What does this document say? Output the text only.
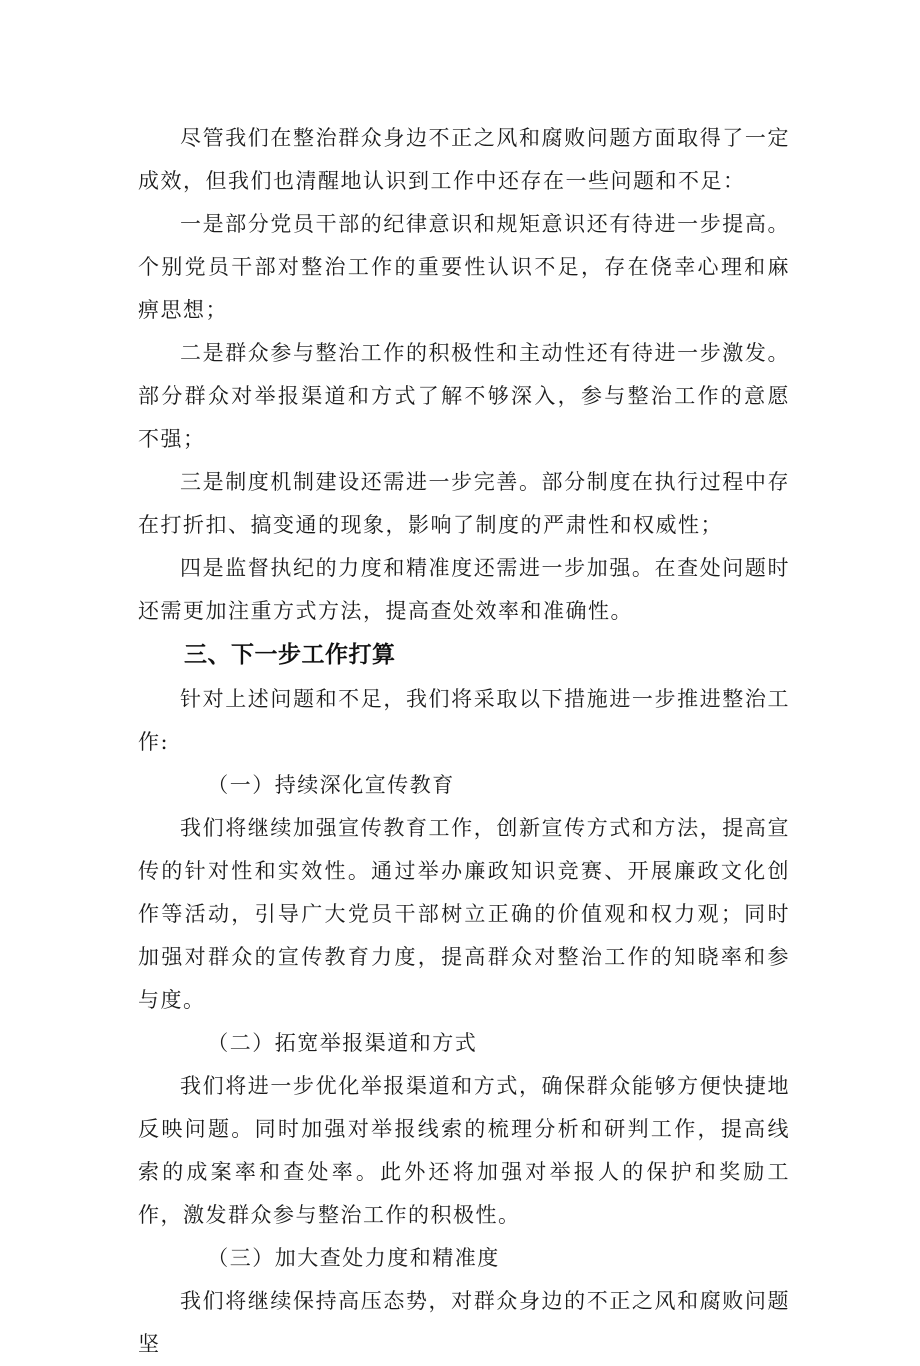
尽管我们在整治群众身边不正之风和腐败问题方面取得了一定成效，但我们也清醒地认识到工作中还存在一些问题和不足：

一是部分党员干部的纪律意识和规矩意识还有待进一步提高。个别党员干部对整治工作的重要性认识不足，存在侥幸心理和麻痹思想；

二是群众参与整治工作的积极性和主动性还有待进一步激发。部分群众对举报渠道和方式了解不够深入，参与整治工作的意愿不强；

三是制度机制建设还需进一步完善。部分制度在执行过程中存在打折扣、搞变通的现象，影响了制度的严肃性和权威性；

四是监督执纪的力度和精准度还需进一步加强。在查处问题时还需更加注重方式方法，提高查处效率和准确性。

三、下一步工作打算

针对上述问题和不足，我们将采取以下措施进一步推进整治工作:

（一）持续深化宣传教育

我们将继续加强宣传教育工作，创新宣传方式和方法，提高宣传的针对性和实效性。通过举办廉政知识竞赛、开展廉政文化创作等活动，引导广大党员干部树立正确的价值观和权力观；同时加强对群众的宣传教育力度，提高群众对整治工作的知晓率和参与度。

（二）拓宽举报渠道和方式

我们将进一步优化举报渠道和方式，确保群众能够方便快捷地反映问题。同时加强对举报线索的梳理分析和研判工作，提高线索的成案率和查处率。此外还将加强对举报人的保护和奖励工作，激发群众参与整治工作的积极性。

（三）加大查处力度和精准度

我们将继续保持高压态势，对群众身边的不正之风和腐败问题坚
